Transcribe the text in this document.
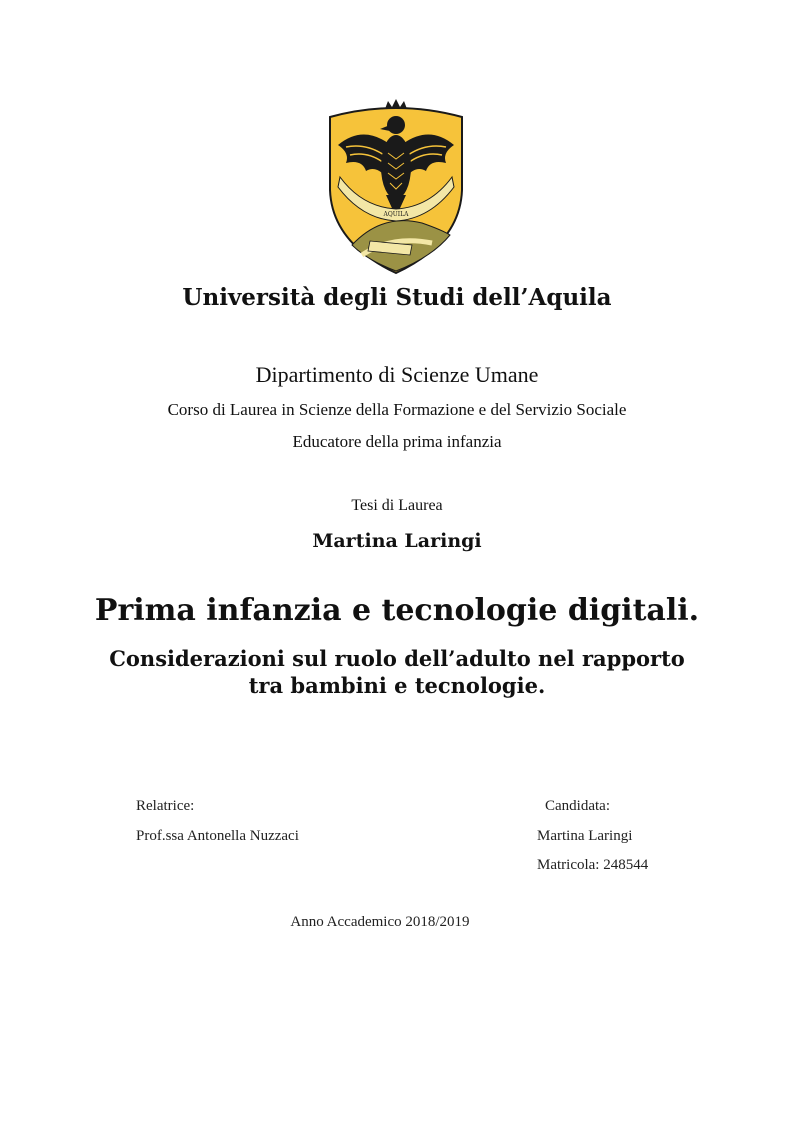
AQUILA
Università degli Studi dell’Aquila
Dipartimento di Scienze Umane
Corso di Laurea in Scienze della Formazione e del Servizio Sociale
Educatore della prima infanzia
Tesi di Laurea
Martina Laringi
Prima infanzia e tecnologie digitali.
Considerazioni sul ruolo dell’adulto nel rapporto tra bambini e tecnologie.
Relatrice:
Prof.ssa Antonella Nuzzaci
Candidata:
Martina Laringi
Matricola: 248544
Anno Accademico 2018/2019
